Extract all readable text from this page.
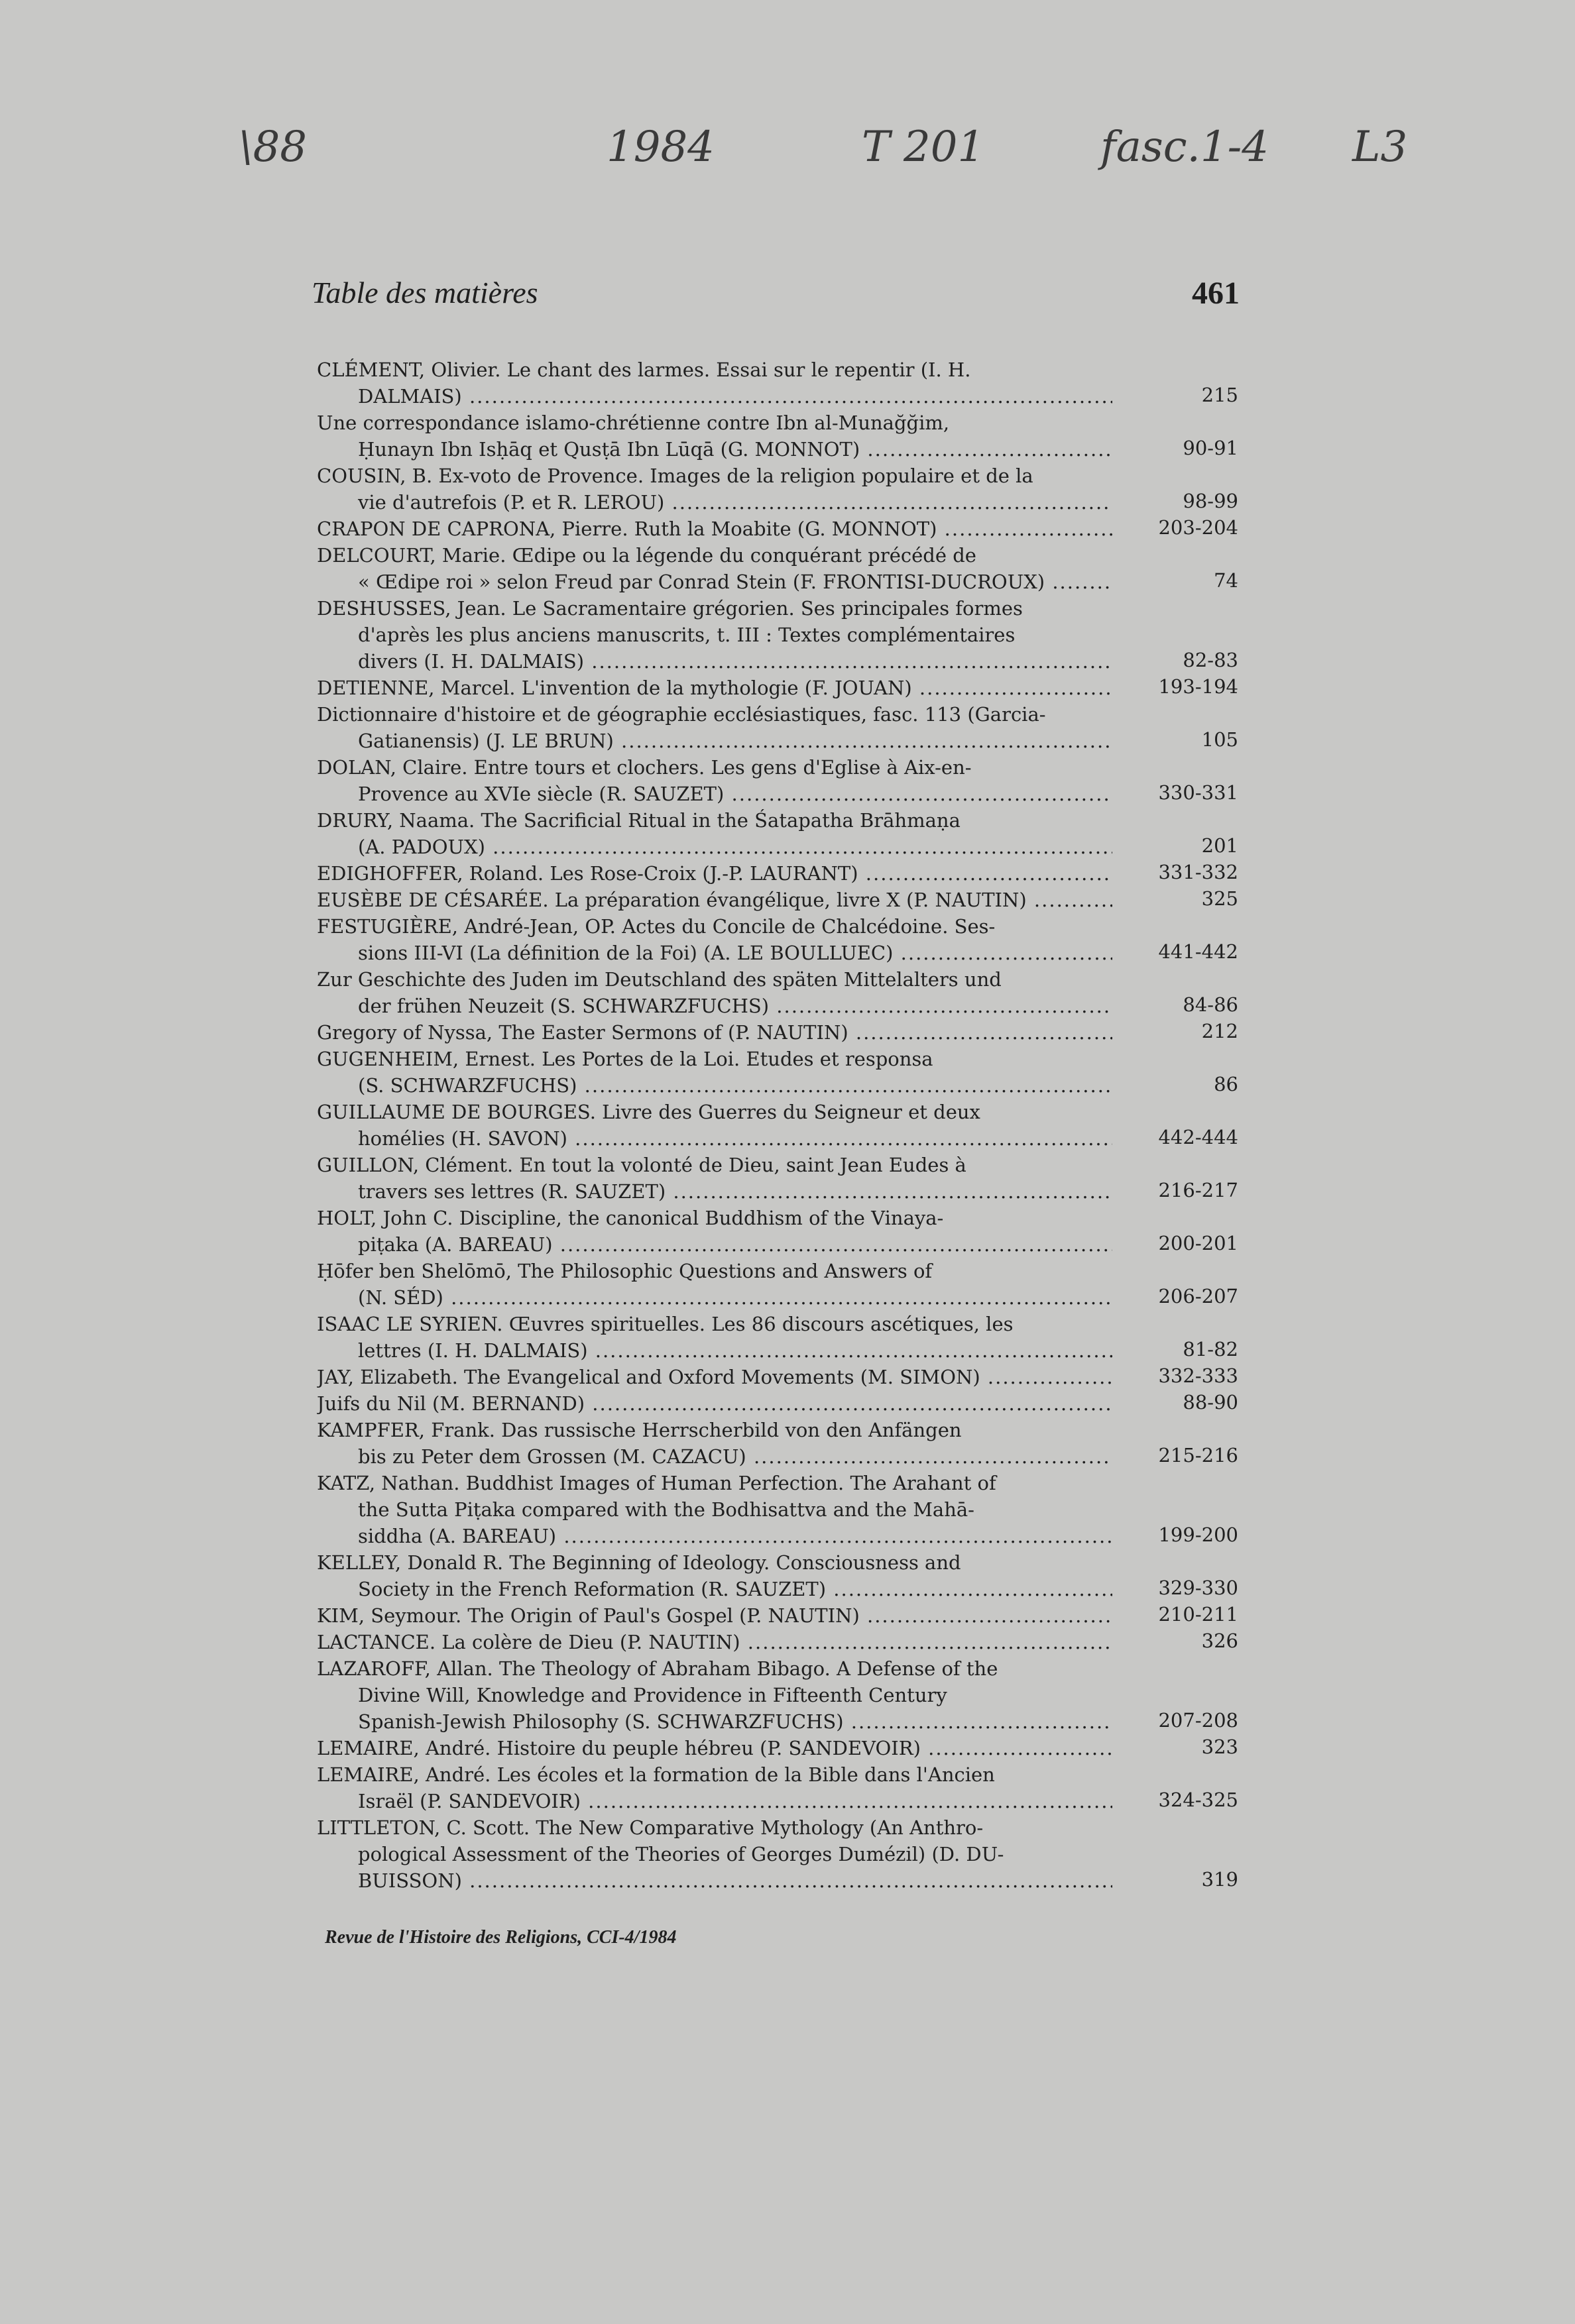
\88	1984	T 201	fasc.1-4 L3
Table des matières	461
CLÉMENT, Olivier. Le chant des larmes. Essai sur le repentir (I. H.
DALMAIS) .....	215
Une correspondance islamo-chrétienne contre Ibn al-Munağğim,
Ḥunayn Ibn Isḥāq et Qusṭā Ibn Lūqā (G. MONNOT) .....	90-91
COUSIN, B. Ex-voto de Provence. Images de la religion populaire et de la
vie d'autrefois (P. et R. LEROU) .....	98-99
CRAPON DE CAPRONA, Pierre. Ruth la Moabite (G. MONNOT) .....	203-204
DELCOURT, Marie. Œdipe ou la légende du conquérant précédé de
« Œdipe roi » selon Freud par Conrad Stein (F. FRONTISI-DUCROUX) .....	74
DESHUSSES, Jean. Le Sacramentaire grégorien. Ses principales formes
d'après les plus anciens manuscrits, t. III : Textes complémentaires
divers (I. H. DALMAIS) .....	82-83
DETIENNE, Marcel. L'invention de la mythologie (F. JOUAN) .....	193-194
Dictionnaire d'histoire et de géographie ecclésiastiques, fasc. 113 (Garcia-
Gatianensis) (J. LE BRUN) .....	105
DOLAN, Claire. Entre tours et clochers. Les gens d'Eglise à Aix-en-
Provence au XVIe siècle (R. SAUZET) .....	330-331
DRURY, Naama. The Sacrificial Ritual in the Śatapatha Brāhmaṇa
(A. PADOUX) .....	201
EDIGHOFFER, Roland. Les Rose-Croix (J.-P. LAURANT) .....	331-332
EUSÈBE DE CÉSARÉE. La préparation évangélique, livre X (P. NAUTIN) .....	325
FESTUGIÈRE, André-Jean, OP. Actes du Concile de Chalcédoine. Ses-
sions III-VI (La définition de la Foi) (A. LE BOULLUEC) .....	441-442
Zur Geschichte des Juden im Deutschland des späten Mittelalters und
der frühen Neuzeit (S. SCHWARZFUCHS) .....	84-86
Gregory of Nyssa, The Easter Sermons of (P. NAUTIN) .....	212
GUGENHEIM, Ernest. Les Portes de la Loi. Etudes et responsa
(S. SCHWARZFUCHS) .....	86
GUILLAUME DE BOURGES. Livre des Guerres du Seigneur et deux
homélies (H. SAVON) .....	442-444
GUILLON, Clément. En tout la volonté de Dieu, saint Jean Eudes à
travers ses lettres (R. SAUZET) .....	216-217
HOLT, John C. Discipline, the canonical Buddhism of the Vinaya-
piṭaka (A. BAREAU) .....	200-201
Ḥōfer ben Shelōmō, The Philosophic Questions and Answers of
(N. SÉD) .....	206-207
ISAAC LE SYRIEN. Œuvres spirituelles. Les 86 discours ascétiques, les
lettres (I. H. DALMAIS) .....	81-82
JAY, Elizabeth. The Evangelical and Oxford Movements (M. SIMON) .....	332-333
Juifs du Nil (M. BERNAND) .....	88-90
KAMPFER, Frank. Das russische Herrscherbild von den Anfängen
bis zu Peter dem Grossen (M. CAZACU) .....	215-216
KATZ, Nathan. Buddhist Images of Human Perfection. The Arahant of
the Sutta Piṭaka compared with the Bodhisattva and the Mahā-
siddha (A. BAREAU) .....	199-200
KELLEY, Donald R. The Beginning of Ideology. Consciousness and
Society in the French Reformation (R. SAUZET) .....	329-330
KIM, Seymour. The Origin of Paul's Gospel (P. NAUTIN) .....	210-211
LACTANCE. La colère de Dieu (P. NAUTIN) .....	326
LAZAROFF, Allan. The Theology of Abraham Bibago. A Defense of the
Divine Will, Knowledge and Providence in Fifteenth Century
Spanish-Jewish Philosophy (S. SCHWARZFUCHS) .....	207-208
LEMAIRE, André. Histoire du peuple hébreu (P. SANDEVOIR) .....	323
LEMAIRE, André. Les écoles et la formation de la Bible dans l'Ancien
Israël (P. SANDEVOIR) .....	324-325
LITTLETON, C. Scott. The New Comparative Mythology (An Anthro-
pological Assessment of the Theories of Georges Dumézil) (D. DU-
BUISSON) .....	319
Revue de l'Histoire des Religions, CCI-4/1984
